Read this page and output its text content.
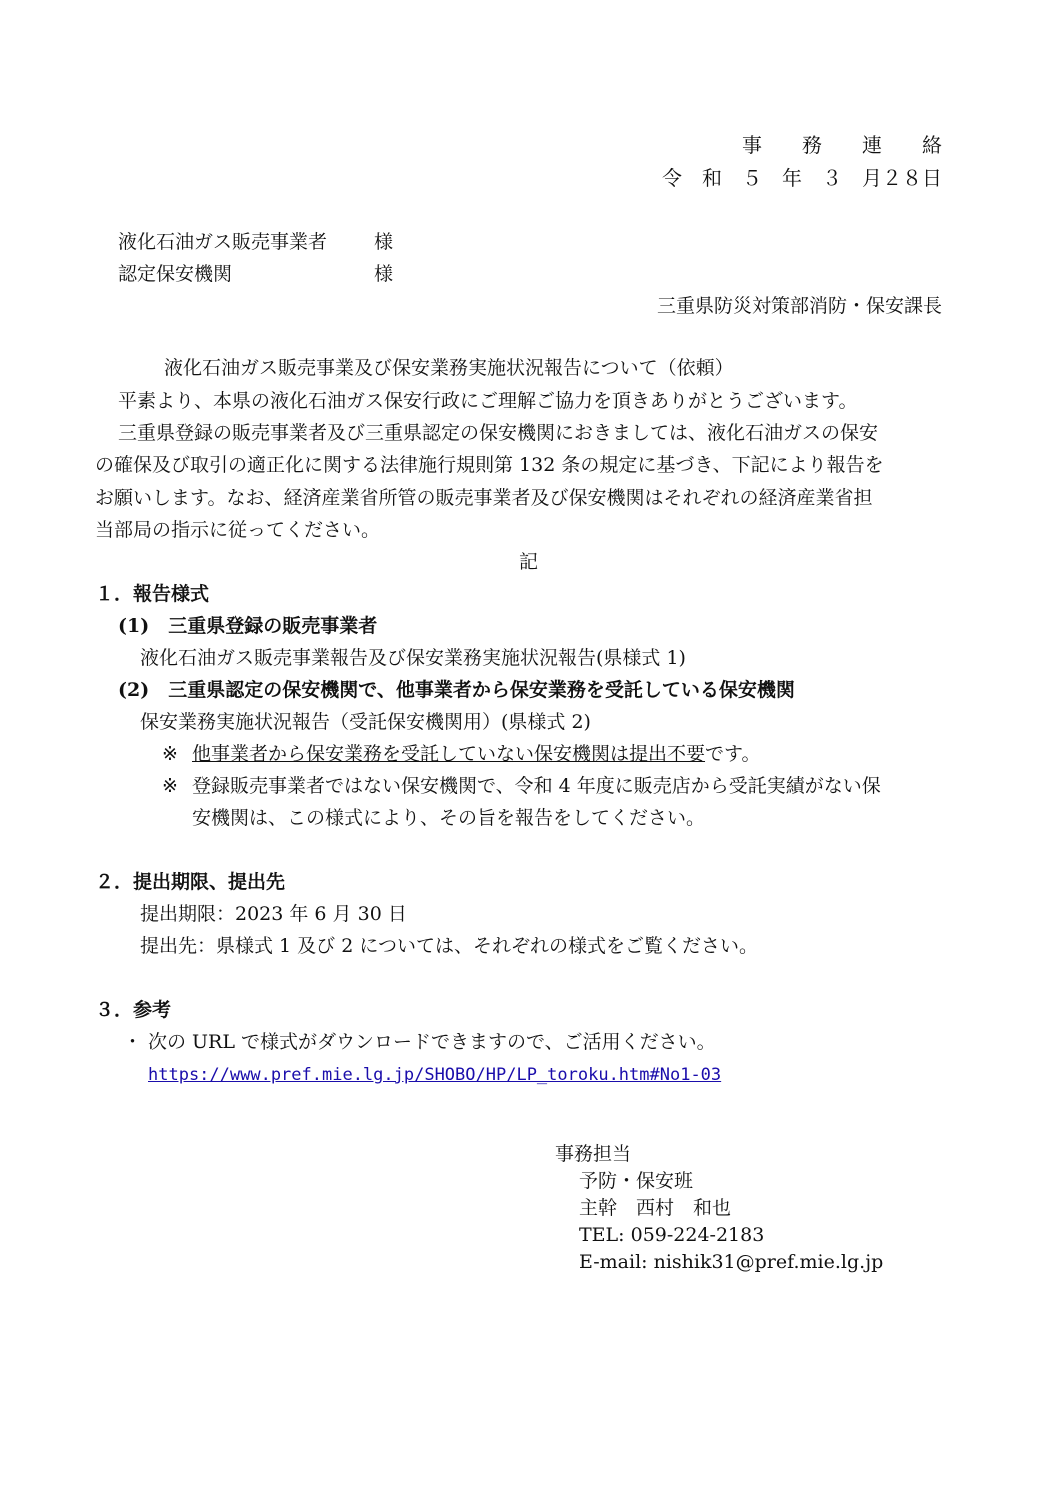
事　　務　　連　　絡
令　和　５　年　３　月２８日
液化石油ガス販売事業者 様
認定保安機関	様
三重県防災対策部消防・保安課長
液化石油ガス販売事業及び保安業務実施状況報告について（依頼）
平素より、本県の液化石油ガス保安行政にご理解ご協力を頂きありがとうございます。
三重県登録の販売事業者及び三重県認定の保安機関におきましては、液化石油ガスの保安
の確保及び取引の適正化に関する法律施行規則第 132 条の規定に基づき、下記により報告を
お願いします。なお、経済産業省所管の販売事業者及び保安機関はそれぞれの経済産業省担
当部局の指示に従ってください。
記
１．報告様式
(1)　三重県登録の販売事業者
液化石油ガス販売事業報告及び保安業務実施状況報告(県様式 1)
(2)　三重県認定の保安機関で、他事業者から保安業務を受託している保安機関
保安業務実施状況報告（受託保安機関用）(県様式 2)
※ 他事業者から保安業務を受託していない保安機関は提出不要です。
※ 登録販売事業者ではない保安機関で、令和 4 年度に販売店から受託実績がない保
安機関は、この様式により、その旨を報告をしてください。
２．提出期限、提出先
提出期限：2023 年 6 月 30 日
提出先：県様式 1 及び 2 については、それぞれの様式をご覧ください。
３．参考
・ 次の URL で様式がダウンロードできますので、ご活用ください。
https://www.pref.mie.lg.jp/SHOBO/HP/LP_toroku.htm#No1-03
事務担当
予防・保安班
主幹　西村　和也
TEL: 059-224-2183
E-mail: nishik31@pref.mie.lg.jp
